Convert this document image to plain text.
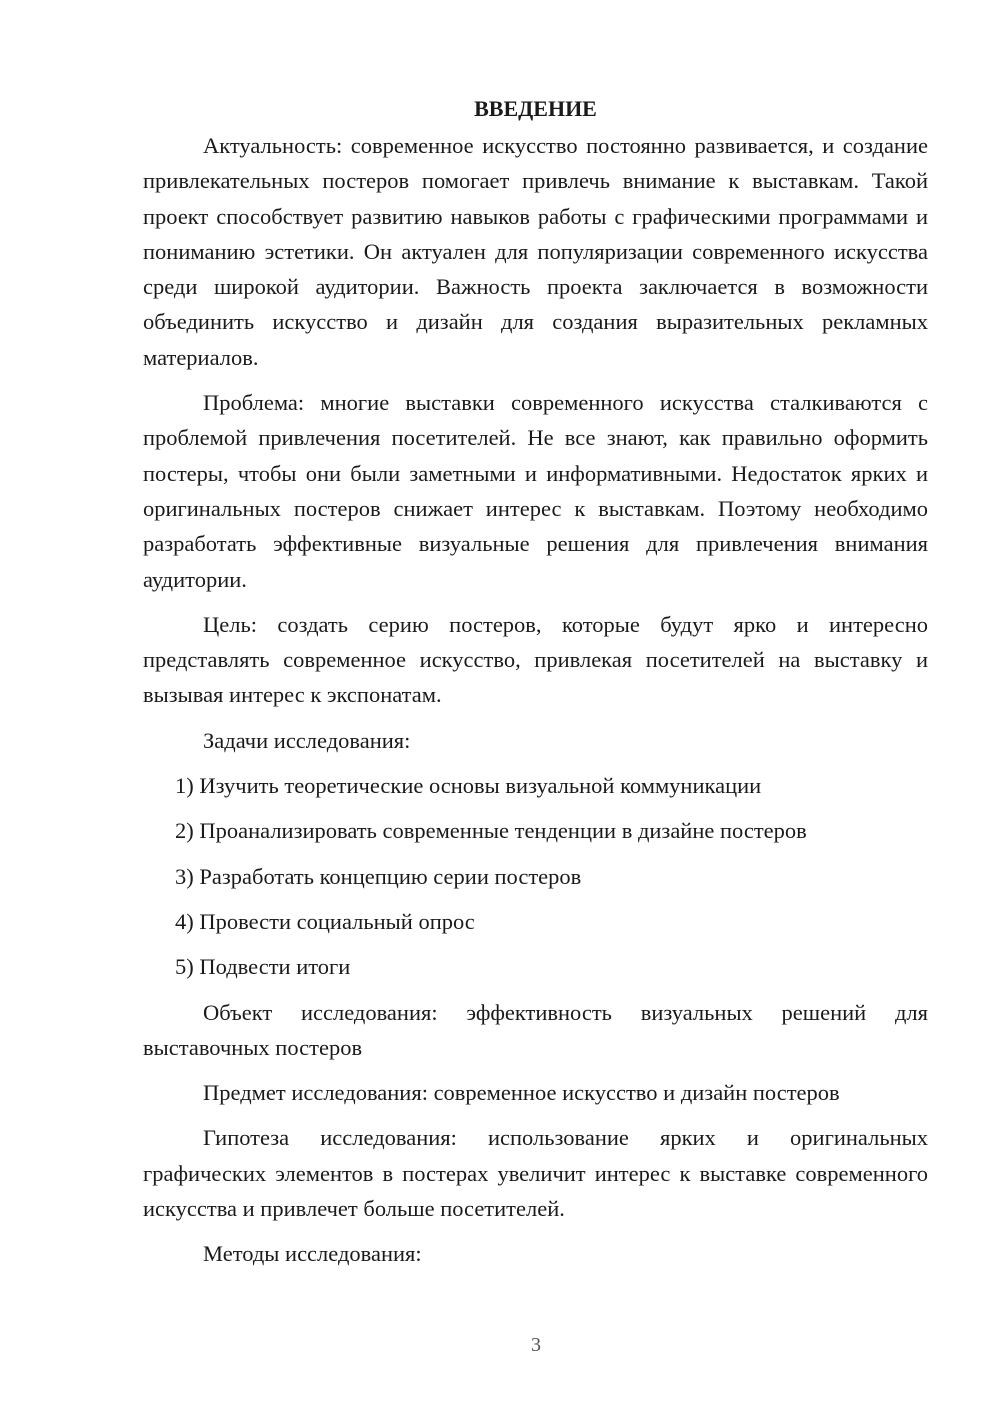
ВВЕДЕНИЕ

Актуальность: современное искусство постоянно развивается, и создание привлекательных постеров помогает привлечь внимание к выставкам. Такой проект способствует развитию навыков работы с графическими программами и пониманию эстетики. Он актуален для популяризации современного искусства среди широкой аудитории. Важность проекта заключается в возможности объединить искусство и дизайн для создания выразительных рекламных материалов.

Проблема: многие выставки современного искусства сталкиваются с проблемой привлечения посетителей. Не все знают, как правильно оформить постеры, чтобы они были заметными и информативными. Недостаток ярких и оригинальных постеров снижает интерес к выставкам. Поэтому необходимо разработать эффективные визуальные решения для привлечения внимания аудитории.

Цель: создать серию постеров, которые будут ярко и интересно представлять современное искусство, привлекая посетителей на выставку и вызывая интерес к экспонатам.

Задачи исследования:

1) Изучить теоретические основы визуальной коммуникации

2) Проанализировать современные тенденции в дизайне постеров

3) Разработать концепцию серии постеров

4) Провести социальный опрос

5) Подвести итоги

Объект исследования: эффективность визуальных решений для выставочных постеров

Предмет исследования: современное искусство и дизайн постеров

Гипотеза исследования: использование ярких и оригинальных графических элементов в постерах увеличит интерес к выставке современного искусства и привлечет больше посетителей.

Методы исследования:

3
